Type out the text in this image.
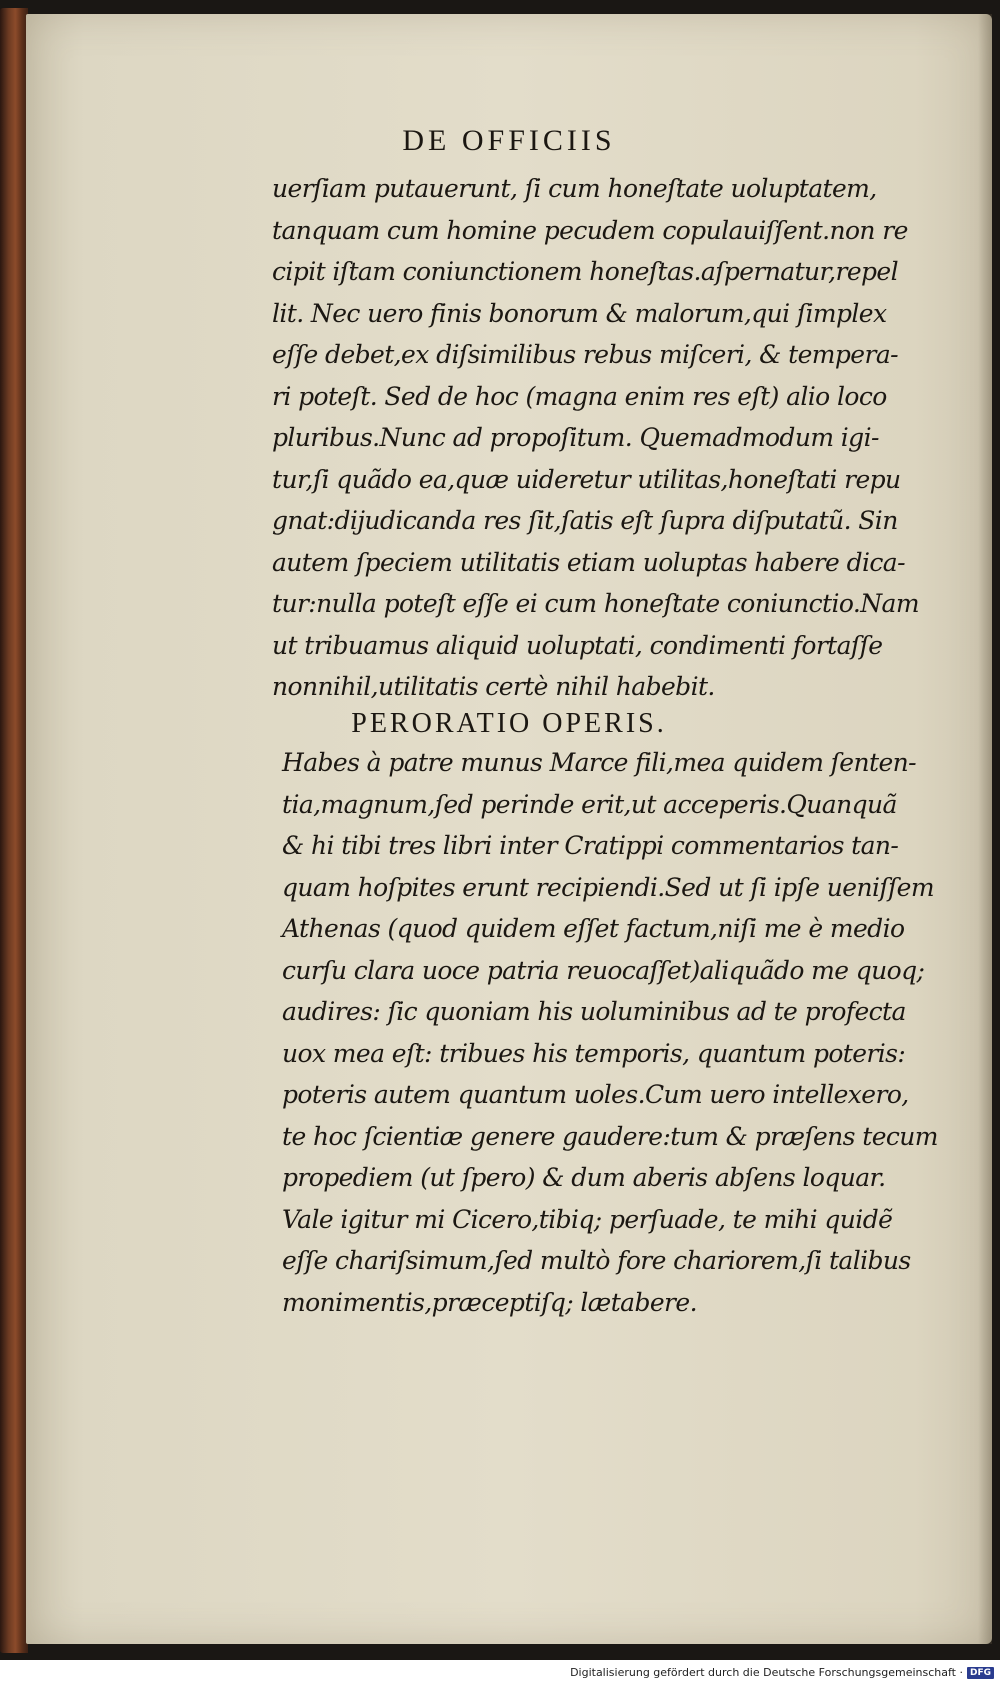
DE OFFICIIS
uerſiam putauerunt, ſi cum honeſtate uoluptatem,
tanquam cum homine pecudem copulauiſſent.non re
cipit iſtam coniunctionem honeſtas.aſpernatur,repel
lit. Nec uero finis bonorum & malorum,qui ſimplex
eſſe debet,ex diſsimilibus rebus miſceri, & tempera-
ri poteſt. Sed de hoc (magna enim res eſt) alio loco
pluribus.Nunc ad propoſitum. Quemadmodum igi-
tur,ſi quãdo ea,quæ uideretur utilitas,honeſtati repu
gnat:dijudicanda res ſit,ſatis eſt ſupra diſputatũ. Sin
autem ſpeciem utilitatis etiam uoluptas habere dica-
tur:nulla poteſt eſſe ei cum honeſtate coniunctio.Nam
ut tribuamus aliquid uoluptati, condimenti fortaſſe
nonnihil,utilitatis certè nihil habebit.
PERORATIO OPERIS.
Habes à patre munus Marce fili,mea quidem ſenten-
tia,magnum,ſed perinde erit,ut acceperis.Quanquã
& hi tibi tres libri inter Cratippi commentarios tan-
quam hoſpites erunt recipiendi.Sed ut ſi ipſe ueniſſem
Athenas (quod quidem eſſet factum,niſi me è medio
curſu clara uoce patria reuocaſſet)aliquãdo me quoq;
audires: ſic quoniam his uoluminibus ad te profecta
uox mea eſt: tribues his temporis, quantum poteris:
poteris autem quantum uoles.Cum uero intellexero,
te hoc ſcientiæ genere gaudere:tum & præſens tecum
propediem (ut ſpero) & dum aberis abſens loquar.
Vale igitur mi Cicero,tibiq; perſuade, te mihi quidẽ
eſſe chariſsimum,ſed multò fore chariorem,ſi talibus
monimentis,præceptiſq; lætabere.
Digitalisierung gefördert durch die Deutsche Forschungsgemeinschaft · DFG
